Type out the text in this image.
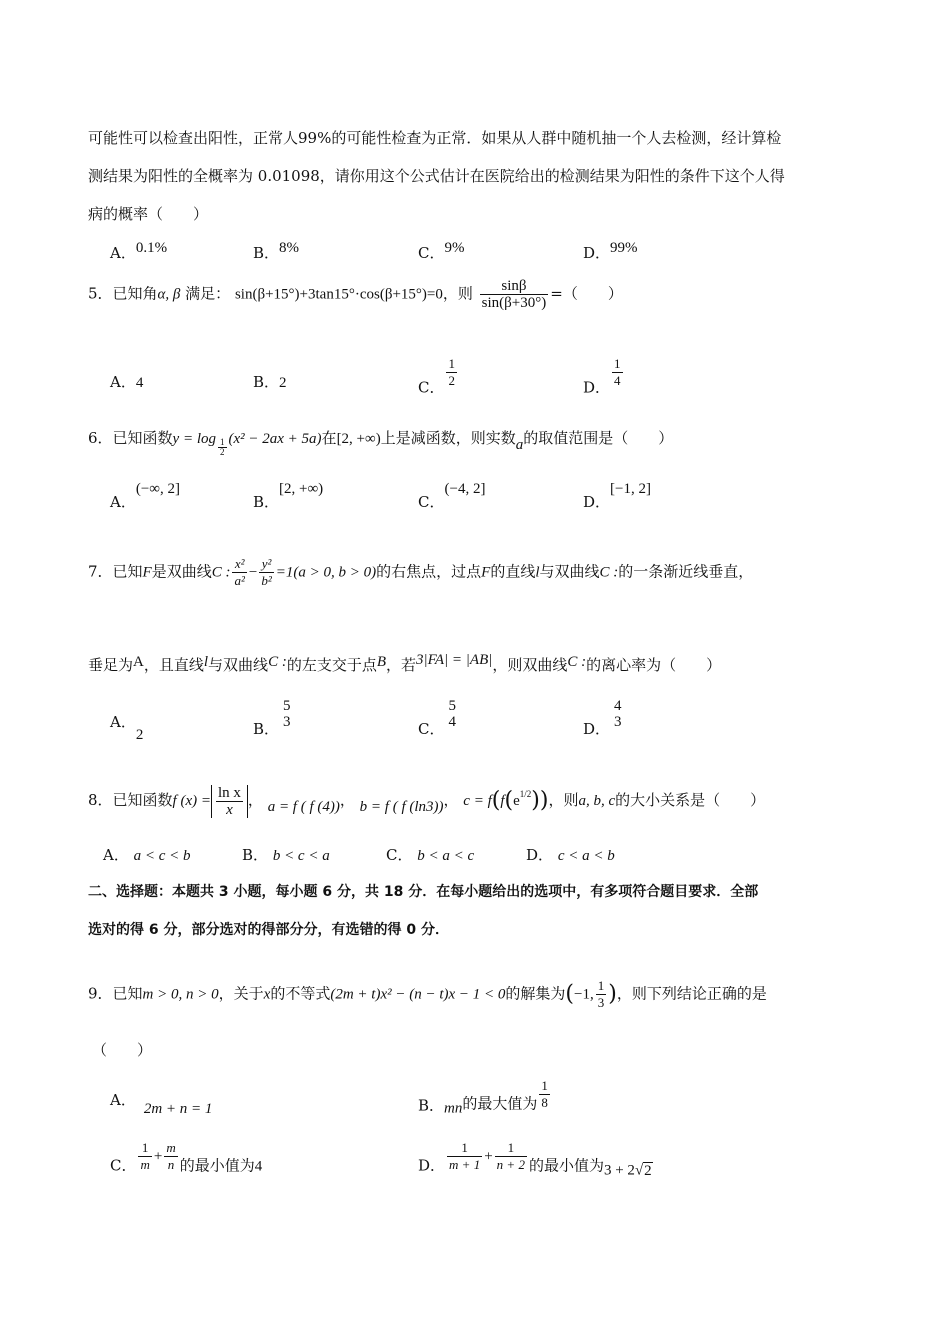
可能性可以检查出阳性，正常人99%的可能性检查为正常．如果从人群中随机抽一个人去检测，经计算检
测结果为阳性的全概率为 0.01098，请你用这个公式估计在医院给出的检测结果为阳性的条件下这个人得
病的概率（　　）
A．0.1%	B．8%	C．9%	D．99%
5．已知角α, β 满足： sin(β+15°)+3tan15°·cos(β+15°)=0，则 $\frac{\sin\beta}{\sin(\beta+30^\circ)}$ =（　　）
A．4	B．2	C． $\frac{1}{2}$	D． $\frac{1}{4}$
6．已知函数$y = \log \frac{1}{2} (x^2 - 2ax + 5a)$在[2, +∞)上是减函数，则实数a的取值范围是（　　）
A．(−∞, 2]
B．[2, +∞)
C．(−4, 2]
D．[−1, 2]
7．已知F是双曲线C : $\frac{\text{x²}}{\text{a²}} - \frac{\text{y²}}{\text{b²}} =1(a > 0$, b > 0)的右焦点，过点F的直线l与双曲线C :的一条渐近线垂直，
垂足为A，且直线l与双曲线C :的左支交于点B，若3|FA| = |AB|，则双曲线C :的离心率为（　　）
A．2	B．
5
3	C．
5
4	D．
4
3
8．已知函数f $(x) = \frac{\text{ln x}}{x}$ ， a = f ( f (4))， b = f ( f (ln3))， $c = f(f(e^{1/2}))$，则a, b, c的大小关系是（　　）
A． a < c < b	B． b < c < a	C． b < a < c	D． c < a < b
二、选择题：本题共 3 小题，每小题 6 分，共 18 分．在每小题给出的选项中，有多项符合题目要求．全部
选对的得 6 分，部分选对的得部分分，有选错的得 0 分．
9．已知m > 0, n > 0，关于x的不等式(2m + t)x² − (n − t)x − 1 < 0的解集为(−1, $\frac{1}{3}$ )，则下列结论正确的是
（　　）
A． 2m + n = 1	B．mn的最大值为 $\frac{1}{8}$
C． $\frac{1}{m} + \frac{m}{n}$ 的最小值为4	D． $\frac{1}{m + 1} + \frac{1}{n + 2}$ 的最小值为3 + 2√2
